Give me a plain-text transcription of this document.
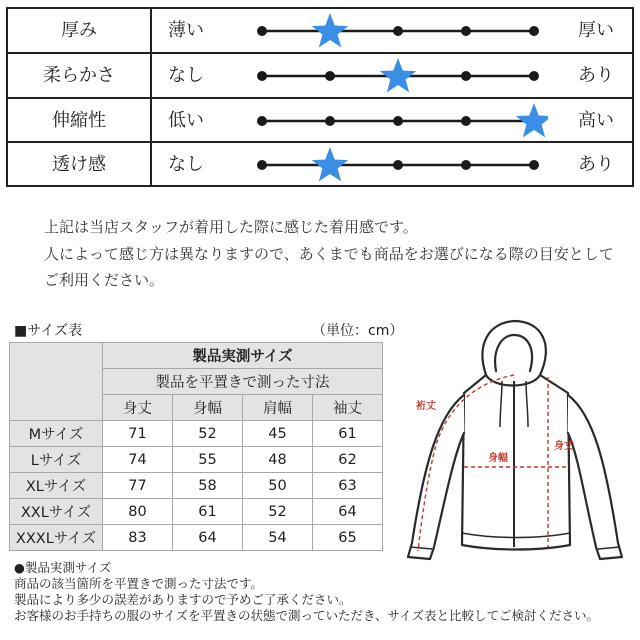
厚み	薄い	厚い
柔らかさ	なし	あり
伸縮性	低い	高い
透け感	なし	あり
上記は当店スタッフが着用した際に感じた着用感です。
人によって感じ方は異なりますので、あくまでも商品をお選びになる際の目安として
ご利用ください。
■サイズ表	（単位：cm）
	製品実測サイズ			
	製品を平置きで測った寸法			
	身丈	身幅	肩幅	袖丈
Mサイズ	71	52	45	61
Lサイズ	74	55	48	62
XLサイズ	77	58	50	63
XXLサイズ	80	61	52	64
XXXLサイズ	83	64	54	65
●製品実測サイズ
商品の該当箇所を平置きで測った寸法です。
製品により多少の誤差がありますので予めご了承ください。
お客様のお手持ちの服のサイズを平置きの状態で測っていただき、サイズ表と比較してご検討ください。
裄丈
身幅
身丈
